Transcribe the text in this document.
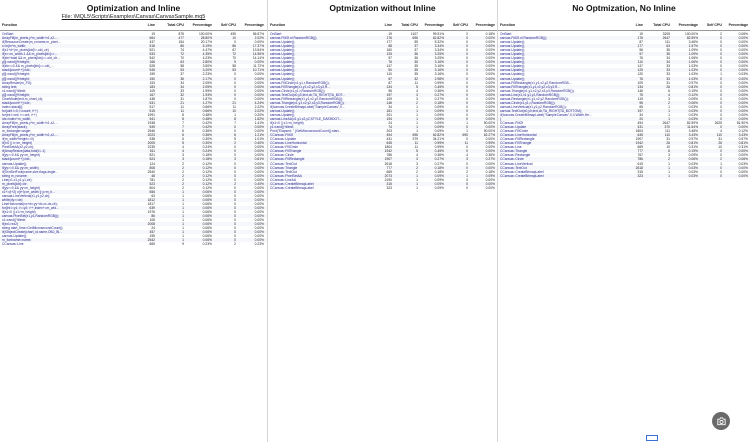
Optimization and Inline
File: \MQL5\Scripts\Examples\Canvas\CanvasSample.mq5
Function	Line	Total CPU	Percentage	Self CPU	Percentage
OnStart	19	875	100.00%	495	56.57%
ArrayFill(m_pixels,y*m_width+x1,x2-...	664	477	28.80%	10	2.02%
if(ResourceCreate(m_rcname,m_pixel...	437	154	20.17%	0	0.00%
x=lx(tx*m_width;	518	86	5.19%	86	17.37%
if(x1+d+(m_pixels[idx]!=-old_clr)	521	74	4.47%	67	13.54%
if(x>=m_width-1 && m_pixels[idx]==...	533	72	4.35%	72	14.55%
if(idx+total && m_pixels[idx]==-old_clr...	542	70	4.23%	70	14.14%
y[i]=rand()%height;	166	63	2.80%	9	0.00%
if(idx>=0 && m_pixels[idx]==-old_...	528	58	3.50%	58	11.72%
stack[count++]=idx;	545	53	3.20%	53	10.71%
y[i]=rand()%height;	159	37	2.23%	0	0.00%
y[i]=rand()%height;	150	36	2.17%	0	0.00%
ArrayResize(m_FD);	153	34	2.05%	0	0.00%
string text;	183	34	2.05%	0	0.00%
x1=rand()%limit;	105	33	1.99%	0	0.00%
y[i]=rand()%height;	167	32	1.93%	0	0.00%
CharMode(text,m_chart_id);	438	31	1.87%	0	0.00%
stack[count++]=idx;	531	21	1.27%	21	4.24%
index=stack[i];	517	11	0.66%	11	2.22%
for(uint i=0; i<count; i++)	515	11	0.66%	10	2.02%
for(int i=cnt; i<=cnt; i++)	1991	8	0.48%	1	0.20%
idx=index+m_width;	541	8	0.48%	8	1.62%
ArrayFill(m_pixels,y*m_width+x1,x2-...	1938	7	0.42%	7	1.41%
ArrayFree(stack);	549	7	0.42%	0	0.00%
m_fontangle=angle;	2546	6	0.36%	0	0.00%
ArrayFill(m_pixels,y*m_width+x1,x2-...	2023	6	0.36%	6	1.21%
if(m_width*height>=0)	538	5	0.30%	5	1.01%
if(i<0 || i>=m_height)	2005	5	0.30%	2	0.40%
PixelSetAA(x2,y2,clr);	2235	4	0.24%	0	0.00%
if(ArrayResize(data,total)!=-1)	511	4	0.24%	0	0.00%
if(yy>=0 && yy<m_height)	821	3	0.18%	0	0.00%
stack[count++]=idx;	524	3	0.18%	3	0.61%
canvas.Update();	124	2	0.12%	0	0.00%
if(yy>=0 && yy<m_width)	808	2	0.12%	0	0.00%
if(TextSetFont(name,size,flags,angle...	2540	2	0.12%	0	0.00%
string m_rcname;	48	2	0.12%	0	0.00%
Line(x1,x1,y1,y1,clr);	781	2	0.12%	0	0.00%
m_pixels[idx]=clr;	523	2	0.12%	2	0.40%
if(yy>=0 && yy<m_height)	804	2	0.12%	0	0.00%
x1+=(t+2) v(t+i)=m_width || y>m_h...	656	1	0.06%	0	0.00%
canvas.LineVertical(x1,y1,y2,clr);	63	1	0.06%	0	0.00%
while(dy>=dx)	1812	1	0.06%	0	0.00%
LineHorizontal(xx+dx,yy+dx,xx-dx,clr);	1817	1	0.06%	0	0.00%
for(int i=y1; i<=y2; i++,index+=m_wid...	639	1	0.06%	0	0.00%
if(x1<0 || x1>m_height)	1976	1	0.06%	0	0.00%
canvas.PixelSet(x1,y1,RandomRGB());	86	1	0.06%	0	0.00%
x1=rand()%limit;	108	1	0.06%	0	0.00%
if(xx1>xx2)	2008	1	0.06%	0	0.00%
string start_time=GetMicrosecondCount();	24	1	0.06%	0	0.00%
if(!ObjectCreate(chart_id,name,OBJ_BI...	457	1	0.06%	0	0.00%
canvas.Update();	155	1	0.06%	0	0.00%
m_fontname=name;	2542	1	0.06%	0	0.00%
CCanvas::Line	669	9	0.23%	2	0.23%
Optmization without Inline
Function	Line	Total CPU	Percentage	Self CPU	Percentage
OnStart	19	1107	99.91%	2	0.18%
canvas.FillOf.xf.RandomRGB());	176	696	62.82%	0	0.00%
canvas.Update();	177	59	5.32%	0	0.00%
canvas.Update();	88	37	3.34%	0	0.00%
canvas.Update();	160	37	3.34%	0	0.00%
canvas.Update();	125	36	3.25%	0	0.00%
canvas.Update();	97	36	3.25%	0	0.00%
canvas.Update();	76	35	3.16%	0	0.00%
canvas.Update();	147	35	3.16%	0	0.00%
canvas.Update();	50	35	3.16%	0	0.00%
canvas.Update();	110	35	3.16%	0	0.00%
canvas.Update();	57	32	2.98%	0	0.00%
canvas.FillCircle(x1,y1,r,RandomRGB());	87	11	0.99%	0	0.00%
canvas.FillTriangle(x1,y1,x2,y2,x3,y3,R...	134	5	0.45%	0	0.00%
canvas.Circle(x1,y1,r,RandomRGB());	96	4	0.36%	0	0.00%
canvas.TextOut(x0,y0,text,clr,TA_RIGHT|TA_BOT...	197	3	0.27%	0	0.00%
canvas.FillRectangle(x1,y1,x2,y2,RandomRGB());	109	3	0.27%	0	0.00%
canvas.Triangle(x1,y1,x2,y2,x3,y3,RandomRGB());	146	2	0.18%	0	0.00%
if(!canvas.CreateBitmapLabel("SampleCanvas",0...	34	1	0.09%	0	0.00%
canvas.Update();	181	1	0.09%	0	0.00%
canvas.Update();	201	1	0.09%	0	0.00%
canvas.LineAA(x1,y1,x2,y2,STYLE_DASHDOT...	194	1	0.09%	0	0.00%
if(x1<0 || x1>m_height)	24	1	0.09%	1	50.00%
y1=rand()%limit;	74	1	0.09%	0	0.00%
Print("Elapsed: ",(GetMicrosecondCount()-start...	203	1	0.09%	1	50.00%
CCanvas::FillOf	494	696	62.82%	690	62.27%
CCanvas::Update	431	379	34.21%	0	0.00%
CCanvas::LineHorizontal	645	11	0.99%	11	0.99%
CCanvas::FillCircle	1804	11	0.99%	0	0.00%
CCanvas::FillTriangle	1942	5	0.45%	0	0.00%
CCanvas::Circle	786	4	0.36%	4	0.36%
CCanvas::FillRectangle	1907	3	0.27%	3	0.27%
CCanvas::TextOut	2618	3	0.27%	0	0.00%
CCanvas::Triangle	777	2	0.18%	0	0.00%
CCanvas::TextOut	669	2	0.18%	2	0.18%
CCanvas::PixelSetAA	2073	1	0.09%	1	0.09%
CCanvas::LineAA	2190	1	0.09%	0	0.00%
CCanvas::CreateBitmapLabel	315	1	0.09%	0	0.00%
CCanvas::CreateBitmapLabel	323	1	0.09%	0	0.00%
No Optmization, No Inline
Function	Line	Total CPU	Percentage	Self CPU	Percentage
OnStart	19	3205	100.00%	2	0.06%
canvas.FillOf.xf.RandomRGB());	176	2647	82.59%	0	0.00%
canvas.Update();	87	111	3.46%	0	0.00%
canvas.Update();	177	63	1.97%	0	0.00%
canvas.Update();	56	35	1.09%	0	0.00%
canvas.Update();	97	35	1.09%	0	0.00%
canvas.Update();	76	34	1.06%	0	0.00%
canvas.Update();	110	34	1.06%	0	0.00%
canvas.Update();	147	33	1.03%	0	0.00%
canvas.Update();	125	33	1.03%	0	0.00%
canvas.Update();	120	33	1.03%	1	0.03%
canvas.Update();	76	33	1.03%	0	0.00%
canvas.FillRectangle(x1,y1,x2,y2,RandomRGB...	109	31	0.97%	0	0.00%
canvas.FillTriangle(x1,y1,x2,y2,x3,y3,R...	134	26	0.81%	0	0.00%
canvas.Triangle(x1,y1,x2,y2,x3,y3,RandomRGB());	146	6	0.19%	0	0.00%
canvas.Line(x1,x1,y1,y1,RandomRGB());	75	4	0.12%	0	0.00%
canvas.Rectangle(x1,y1,x2,y2,RandomRGB());	119	3	0.09%	0	0.00%
canvas.Circle(x1,y1,r,RandomRGB());	96	2	0.06%	0	0.00%
canvas.LineVertical(x1,y1,y2,RandomRGB());	65	1	0.03%	0	0.00%
canvas.TextOut(x0,y0,text,clr,TA_RIGHT|TA_BOTTOM);	197	1	0.03%	0	0.00%
if(!canvas.CreateBitmapLabel("SampleCanvas",0,0,Width,He...	34	1	0.03%	0	0.00%
{	20	1	0.03%	0	0.00%
CCanvas::FillOf	494	2647	82.59%	2625	81.90%
CCanvas::Update	431	370	11.54%	0	0.00%
CCanvas::FillCircle	1804	111	3.46%	4	0.12%
CCanvas::LineHorizontal	645	110	3.43%	110	3.43%
CCanvas::FillRectangle	1907	31	0.97%	31	0.97%
CCanvas::FillTriangle	1942	26	0.81%	26	0.81%
CCanvas::Line	669	10	0.31%	10	0.31%
CCanvas::Triangle	777	6	0.19%	0	0.00%
CCanvas::Rectangle	767	3	0.09%	0	0.00%
CCanvas::Circle	786	2	0.06%	2	0.06%
CCanvas::LineVertical	619	1	0.03%	1	0.03%
CCanvas::TextOut	2618	1	0.03%	0	0.00%
CCanvas::CreateBitmapLabel	315	1	0.03%	0	0.00%
CCanvas::CreateBitmapLabel	323	1	0.03%	0	0.00%
